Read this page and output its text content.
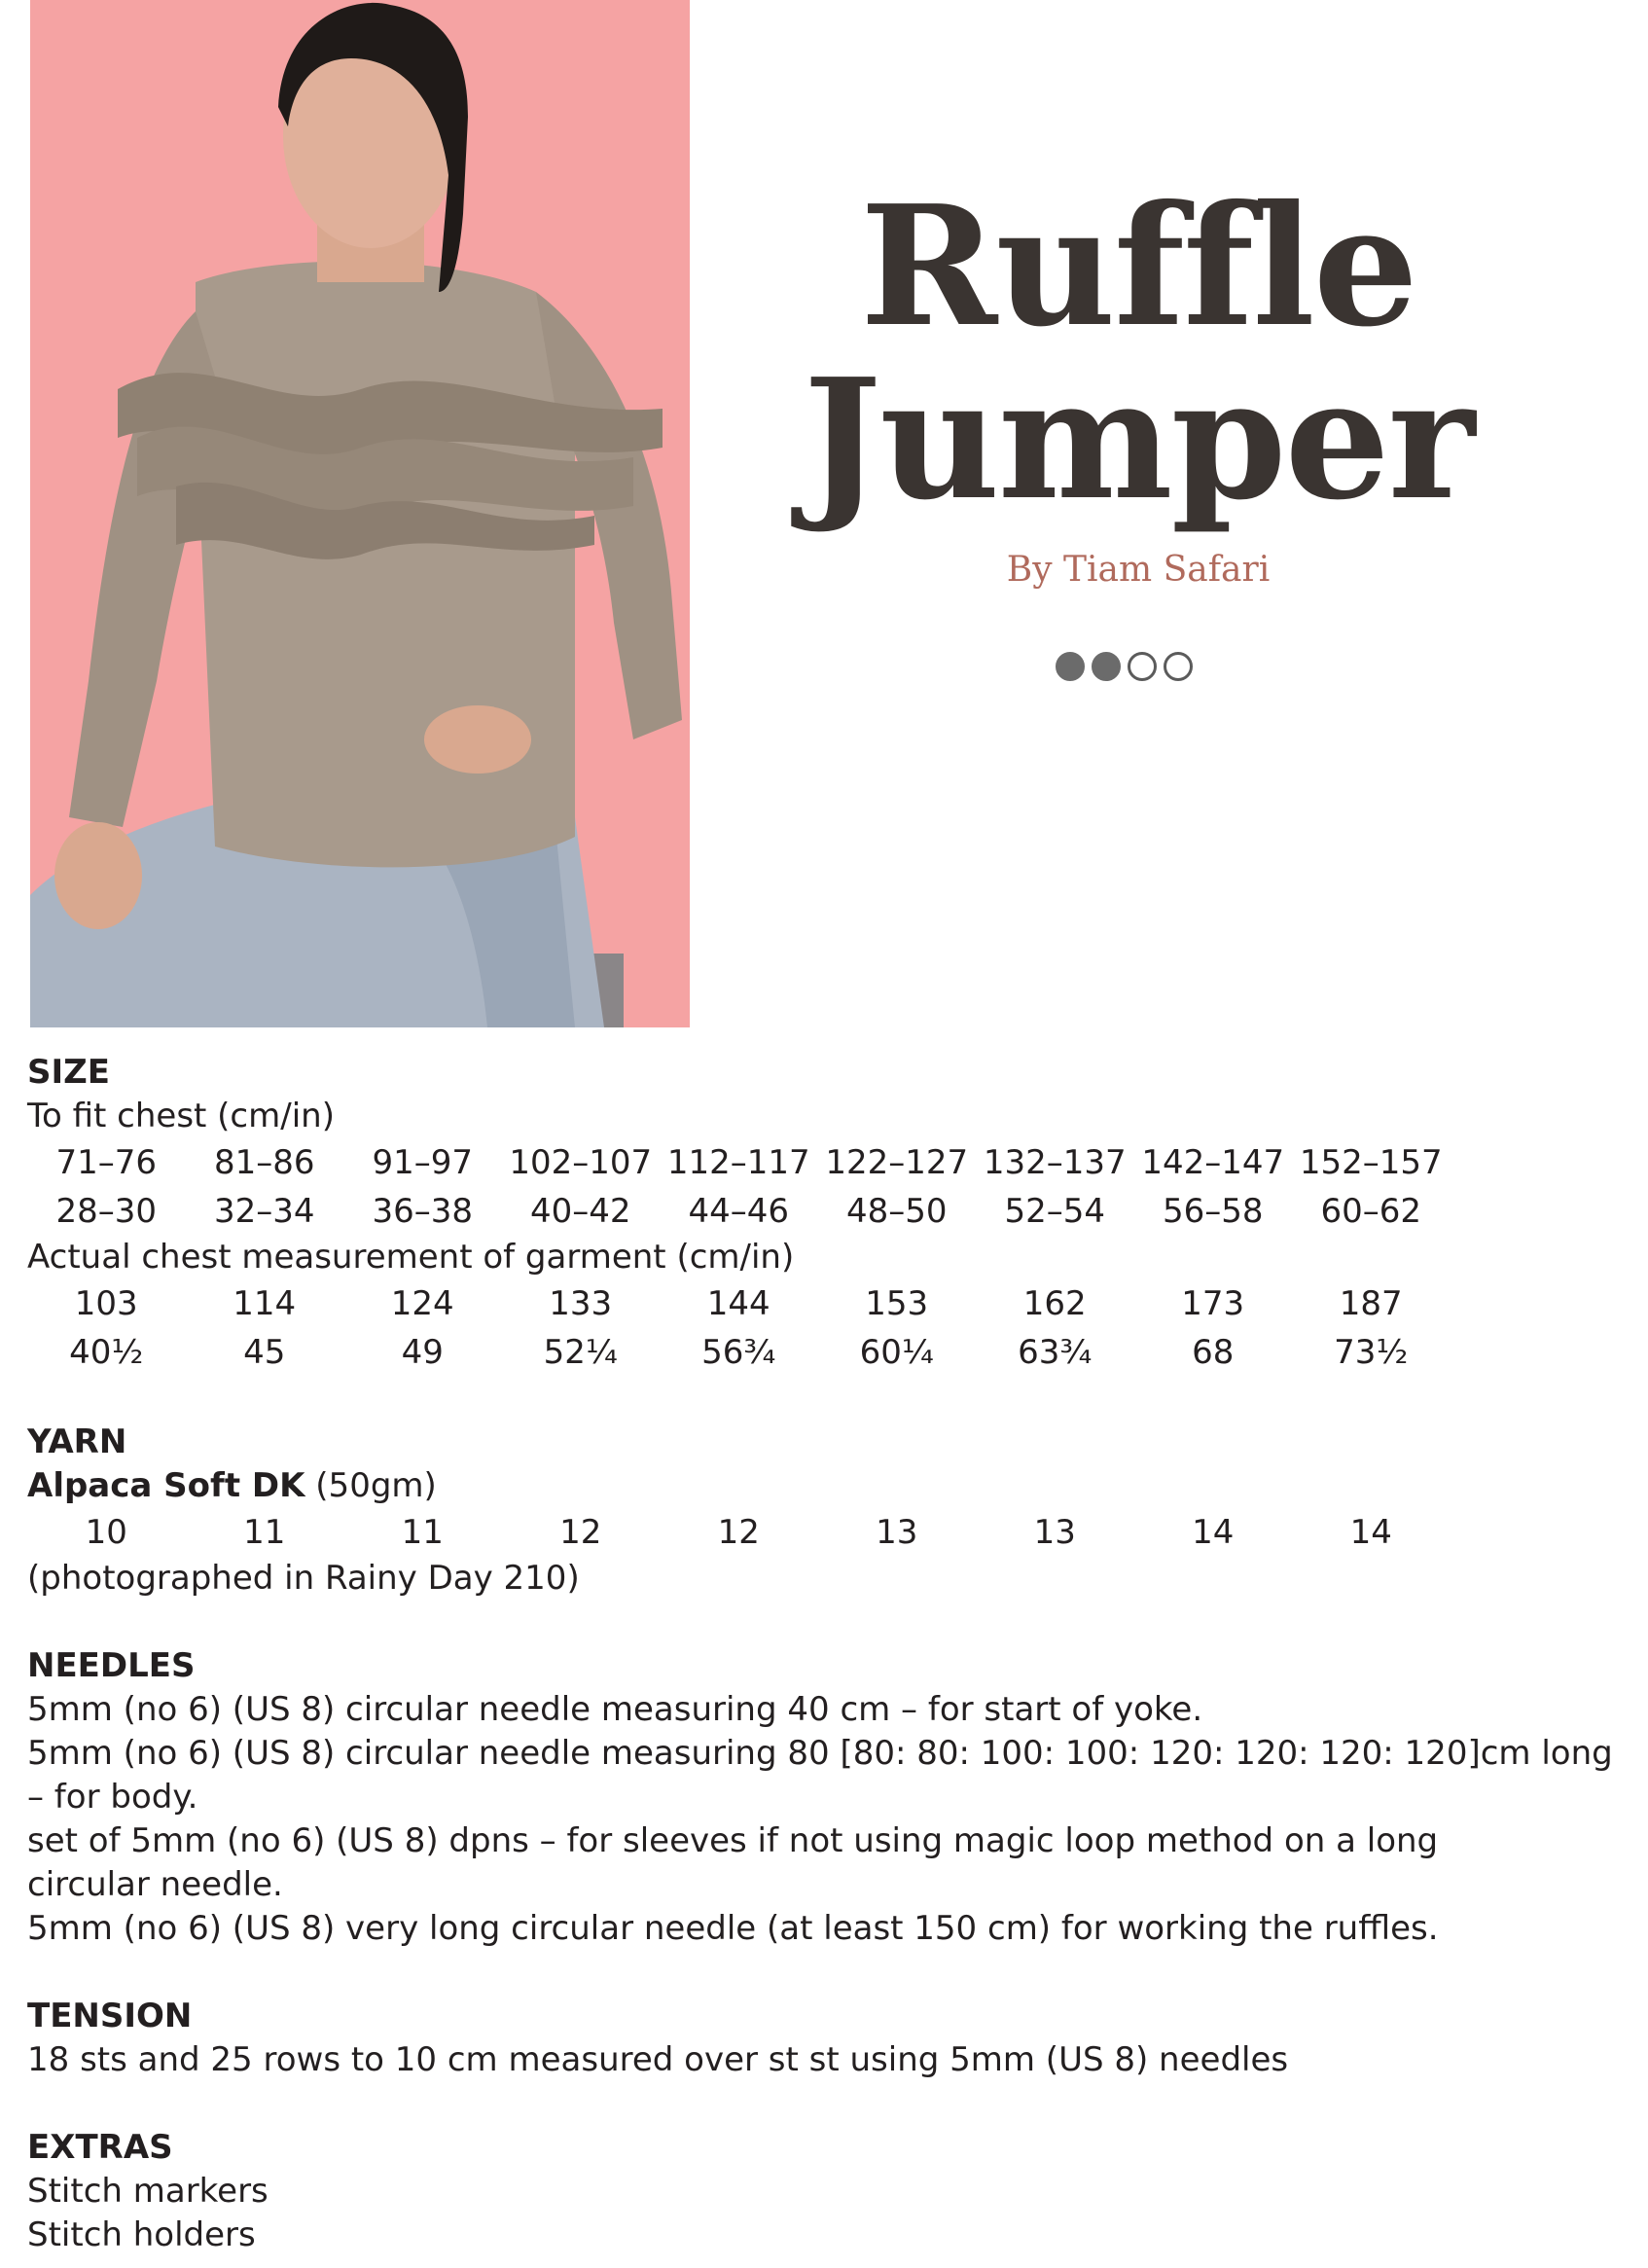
Ruffle
Jumper
By Tiam Safari
SIZE
To fit chest (cm/in)
71–76	81–86	91–97	102–107 112–117 122–127 132–137 142–147 152–157
28–30	32–34	36–38	40–42	44–46	48–50	52–54	56–58	60–62
Actual chest measurement of garment (cm/in)
103	114	124	133	144	153	162	173	187
40½	45	49	52¼	56¾	60¼	63¾	68	73½
YARN
Alpaca Soft DK (50gm)
10	11	11	12	12	13	13	14	14
(photographed in Rainy Day 210)
NEEDLES
5mm (no 6) (US 8) circular needle measuring 40 cm – for start of yoke.
5mm (no 6) (US 8) circular needle measuring 80 [80: 80: 100: 100: 120: 120: 120: 120]cm long
– for body.
set of 5mm (no 6) (US 8) dpns – for sleeves if not using magic loop method on a long
circular needle.
5mm (no 6) (US 8) very long circular needle (at least 150 cm) for working the ruffles.
TENSION
18 sts and 25 rows to 10 cm measured over st st using 5mm (US 8) needles
EXTRAS
Stitch markers
Stitch holders
